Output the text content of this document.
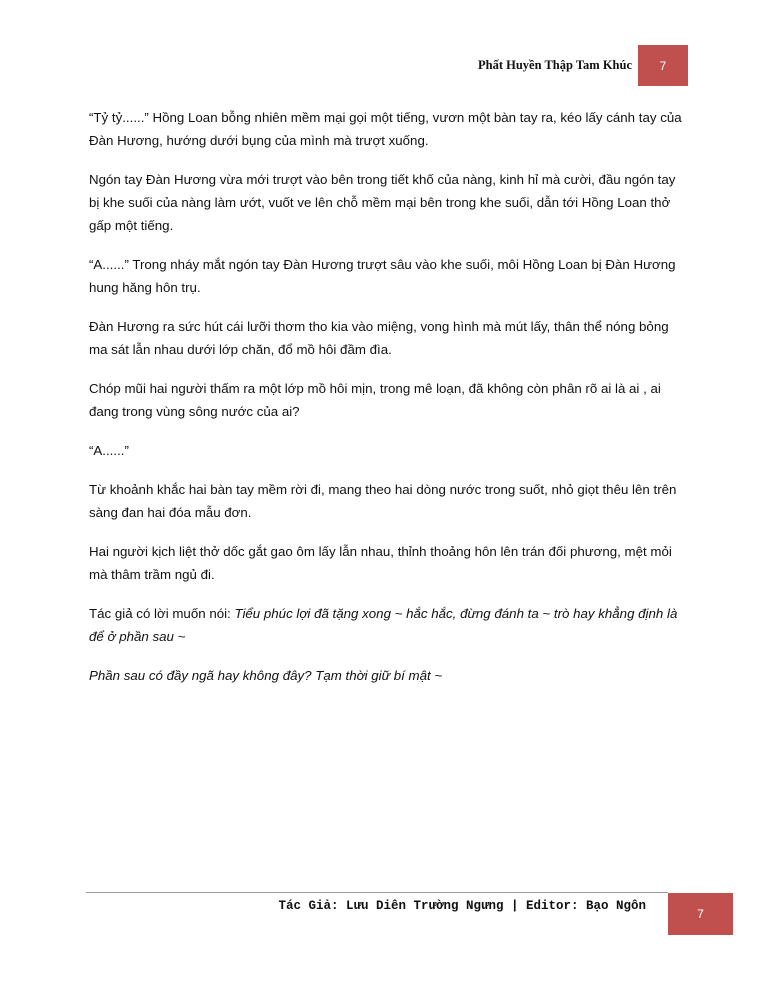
Phất Huyền Thập Tam Khúc	7

“Tỷ tỷ......” Hồng Loan bỗng nhiên mềm mại gọi một tiếng, vươn một bàn tay ra, kéo lấy cánh tay của Đàn Hương, hướng dưới bụng của mình mà trượt xuống.

Ngón tay Đàn Hương vừa mới trượt vào bên trong tiết khố của nàng, kinh hỉ mà cười, đầu ngón tay bị khe suối của nàng làm ướt, vuốt ve lên chỗ mềm mại bên trong khe suối, dẫn tới Hồng Loan thở gấp một tiếng.

“A......” Trong nháy mắt ngón tay Đàn Hương trượt sâu vào khe suối, môi Hồng Loan bị Đàn Hương hung hăng hôn trụ.

Đàn Hương ra sức hút cái lưỡi thơm tho kia vào miệng, vong hình mà mút lấy, thân thể nóng bỏng ma sát lẫn nhau dưới lớp chăn, đổ mồ hôi đầm đìa.

Chóp mũi hai người thấm ra một lớp mồ hôi mịn, trong mê loạn, đã không còn phân rõ ai là ai , ai đang trong vùng sông nước của ai?

“A......”

Từ khoảnh khắc hai bàn tay mềm rời đi, mang theo hai dòng nước trong suốt, nhỏ giọt thêu lên trên sàng đan hai đóa mẫu đơn.

Hai người kịch liệt thở dốc gắt gao ôm lấy lẫn nhau, thỉnh thoảng hôn lên trán đối phương, mệt mỏi mà thâm trầm ngủ đi.

Tác giả có lời muốn nói: Tiểu phúc lợi đã tặng xong ~ hắc hắc, đừng đánh ta ~ trò hay khẳng định là để ở phần sau ~

Phần sau có đầy ngã hay không đây? Tạm thời giữ bí mật ~

Tác Giả: Lưu Diên Trường Ngưng | Editor: Bạo Ngôn
7
